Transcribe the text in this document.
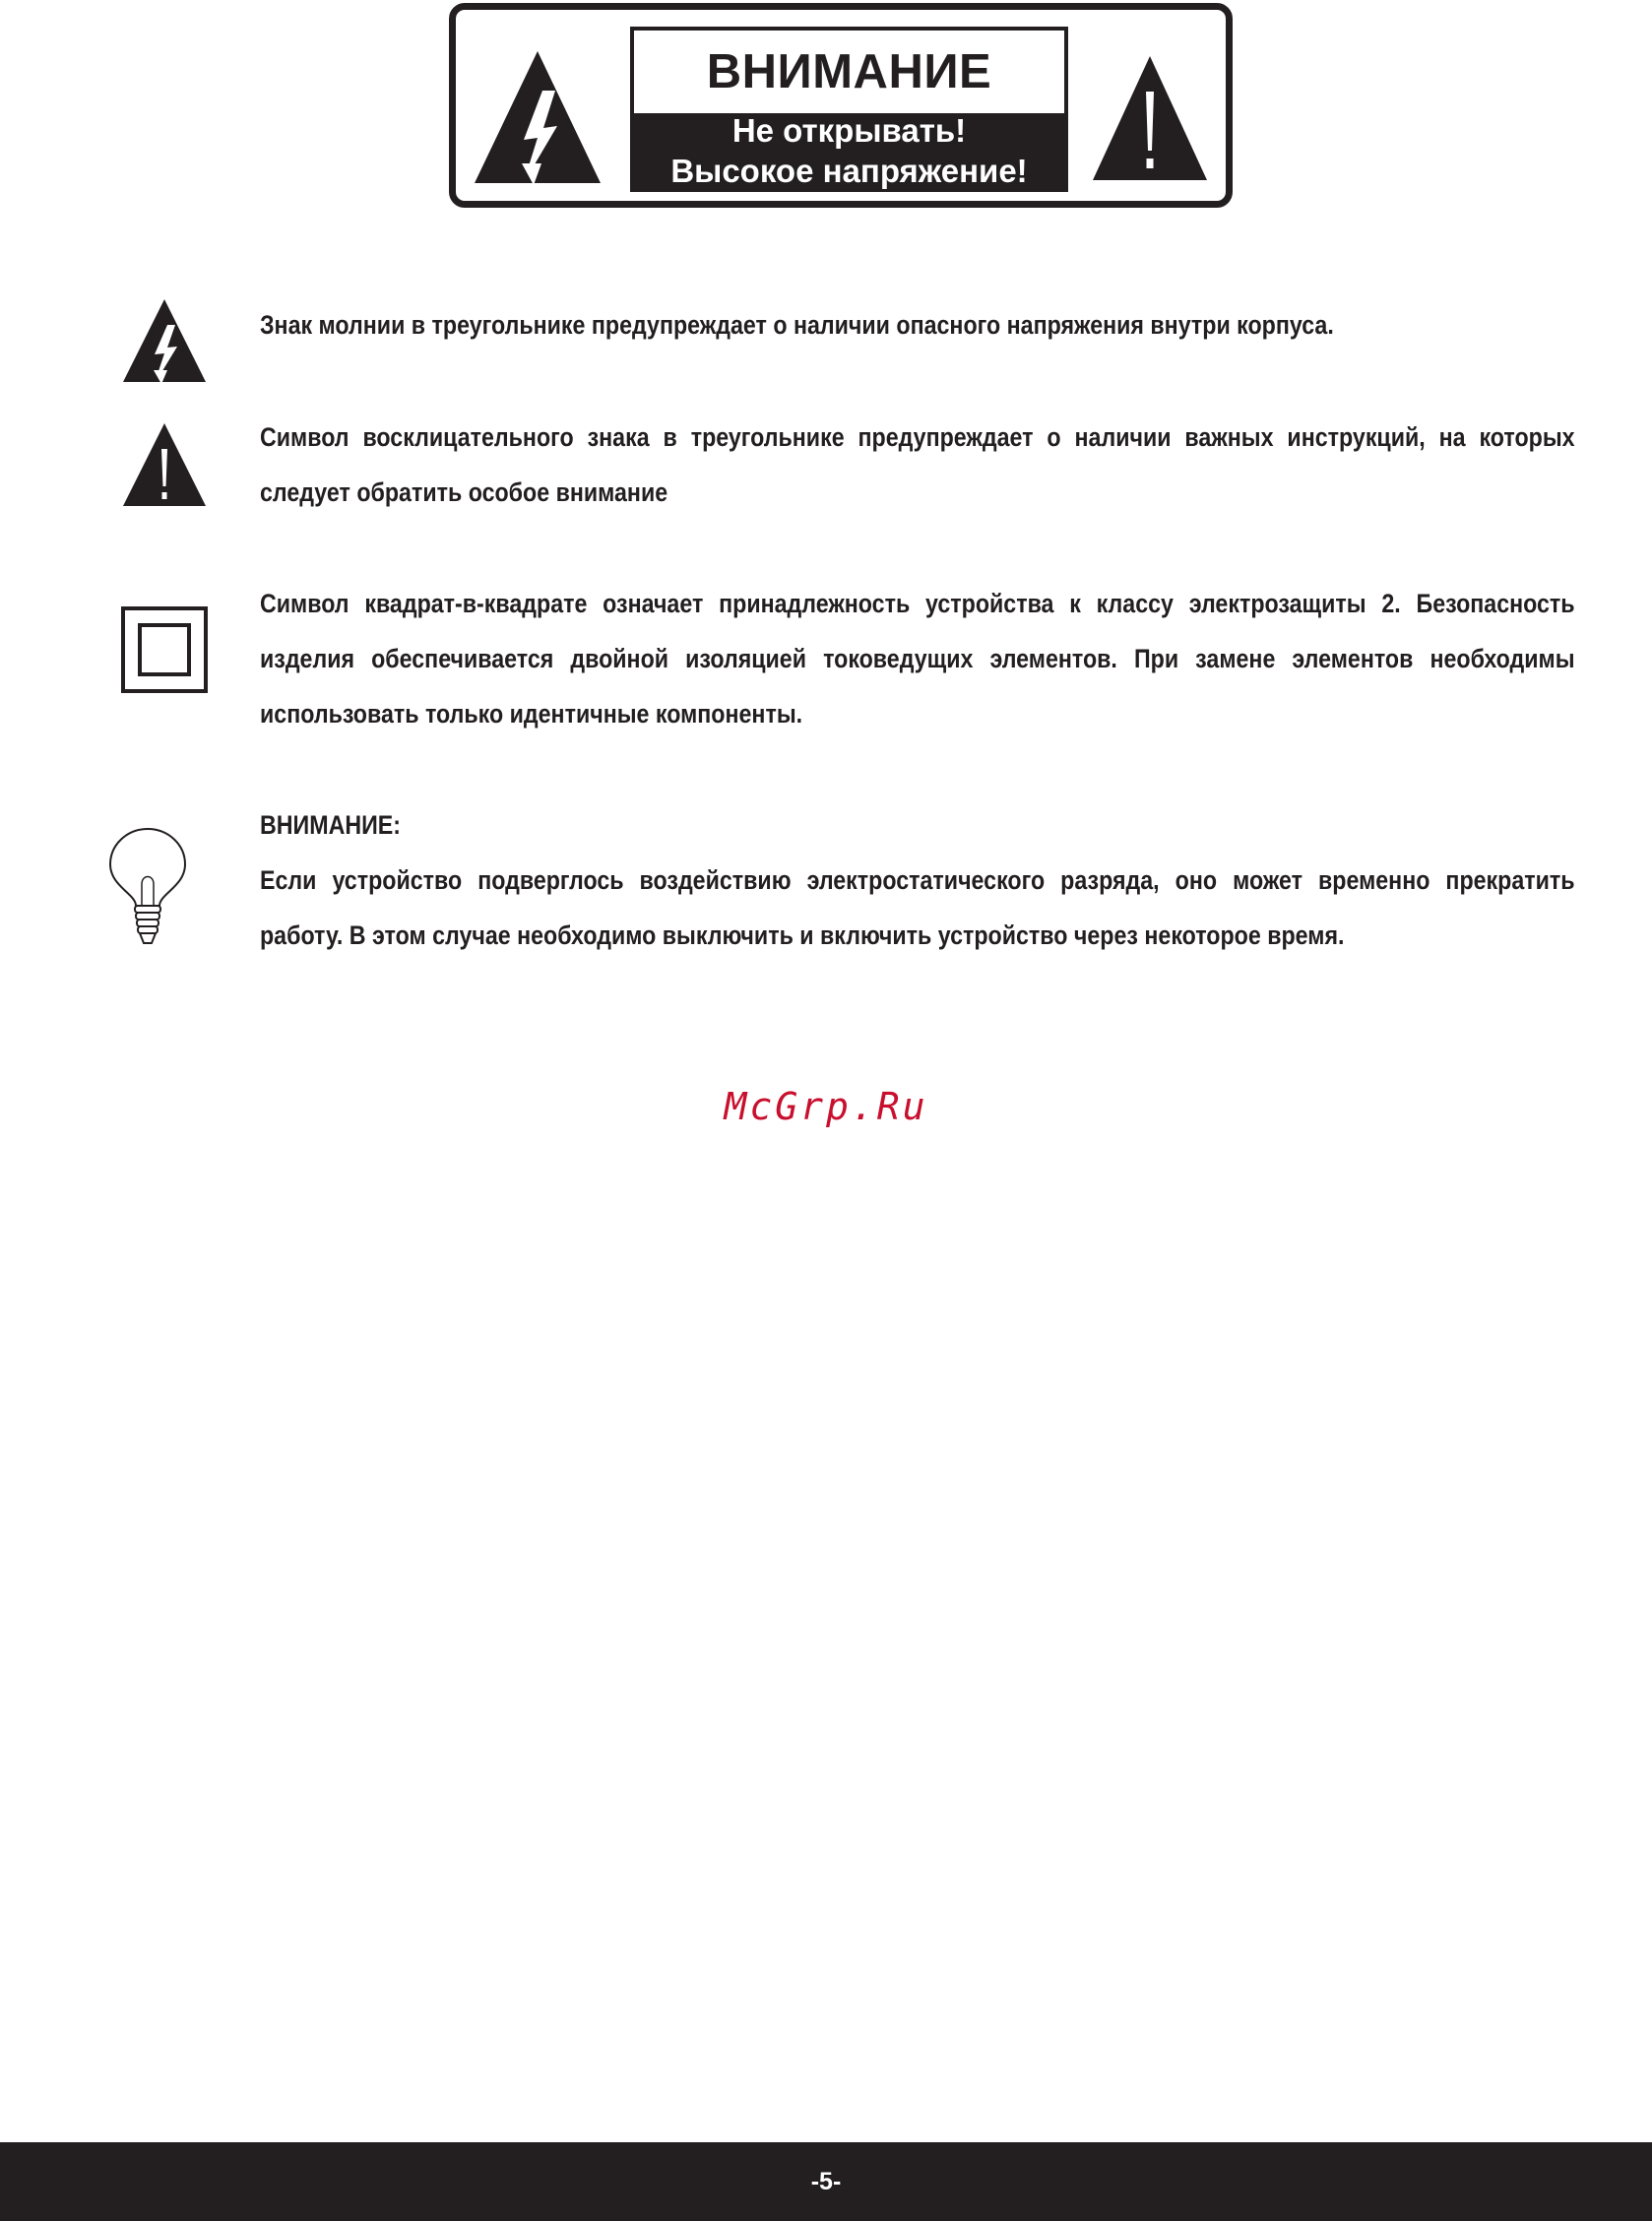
ВНИМАНИЕ
Не открывать!
Высокое напряжение!

Знак молнии в треугольнике предупреждает о наличии опасного напряжения внутри корпуса.

Символ восклицательного знака в треугольнике предупреждает о наличии важных инструкций, на которых следует обратить особое внимание

Символ квадрат-в-квадрате означает принадлежность устройства к классу электрозащиты 2. Безопасность изделия обеспечивается двойной изоляцией токоведущих элементов. При замене элементов необходимы использовать только идентичные компоненты.

ВНИМАНИЕ:

Если устройство подверглось воздействию электростатического разряда, оно может временно прекратить работу. В этом случае необходимо выключить и включить устройство через некоторое время.

McGrp.Ru
-5-
